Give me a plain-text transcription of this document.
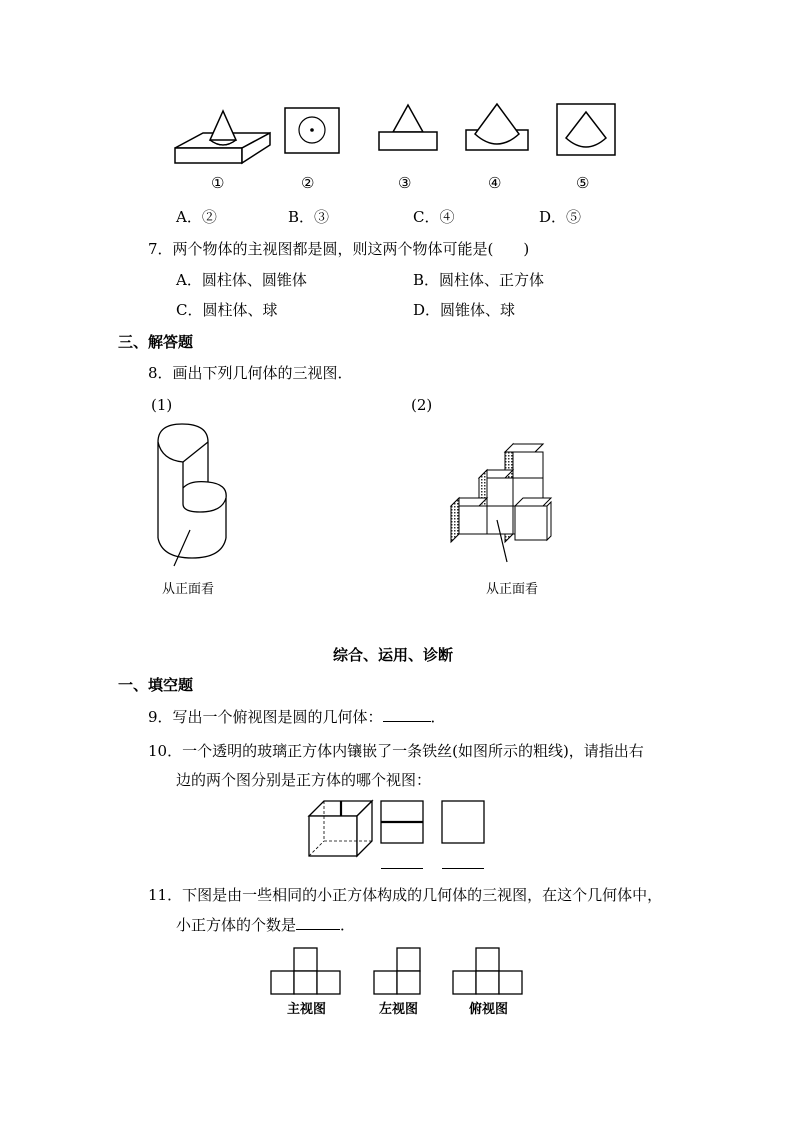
①	②	③	④	⑤
A．②	B．③	C．④	D．⑤
7．两个物体的主视图都是圆，则这两个物体可能是(　　)
A．圆柱体、圆锥体	B．圆柱体、正方体
C．圆柱体、球	D．圆锥体、球
三、解答题
8．画出下列几何体的三视图．
(1)	(2)
从正面看	从正面看
综合、运用、诊断
一、填空题
9．写出一个俯视图是圆的几何体：	．
10．一个透明的玻璃正方体内镶嵌了一条铁丝(如图所示的粗线)，请指出右
边的两个图分别是正方体的哪个视图：
11．下图是由一些相同的小正方体构成的几何体的三视图，在这个几何体中，
小正方体的个数是	．
主视图	左视图	俯视图
